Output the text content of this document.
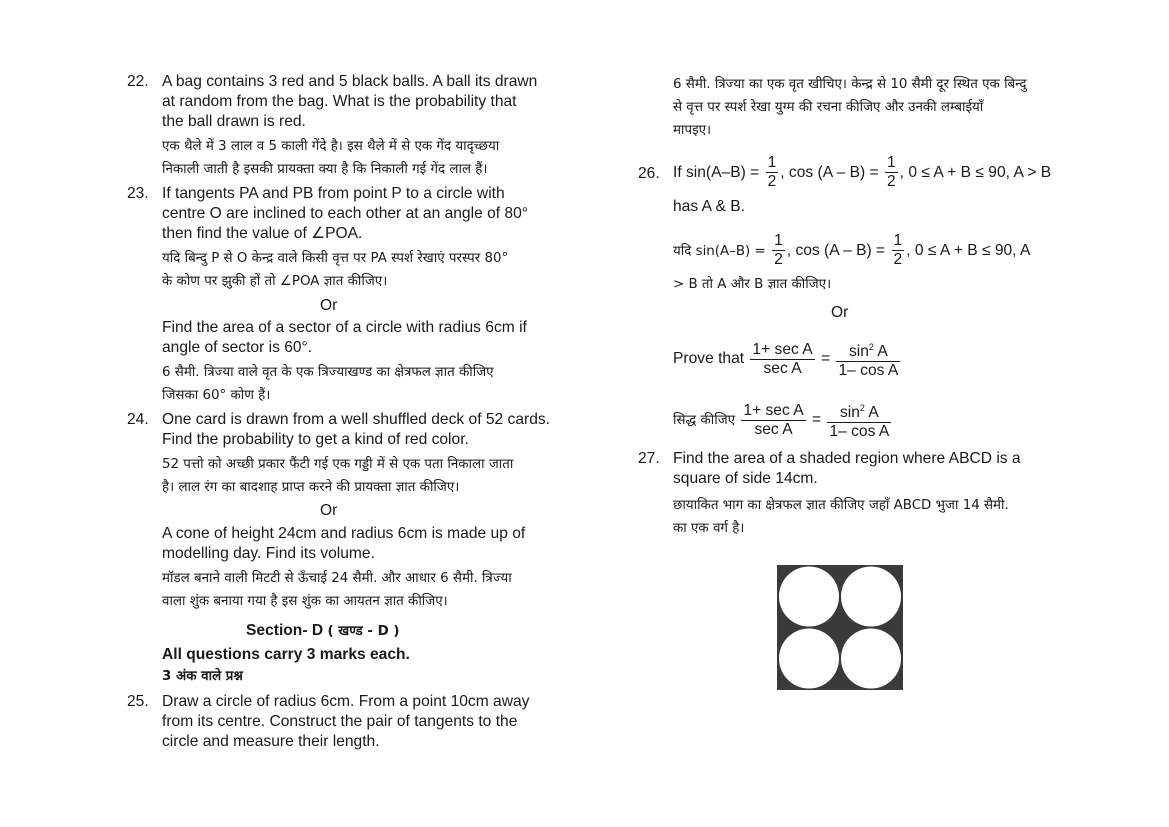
22. A bag contains 3 red and 5 black balls. A ball its drawn
at random from the bag. What is the probability that
the ball drawn is red.
एक थैले में 3 लाल व 5 काली गेंदे है। इस थैले में से एक गेंद यादृच्छया
निकाली जाती है इसकी प्रायक्ता क्या है कि निकाली गई गेंद लाल हैं।
23. If tangents PA and PB from point P to a circle with
centre O are inclined to each other at an angle of 80°
then find the value of ∠POA.
यदि बिन्दु P से O केन्द्र वाले किसी वृत्त पर PA स्पर्श रेखाएं परस्पर 80°
के कोण पर झुकी हों तो ∠POA ज्ञात कीजिए।
Or
Find the area of a sector of a circle with radius 6cm if
angle of sector is 60°.
6 सैमी. त्रिज्या वाले वृत के एक त्रिज्याखण्ड का क्षेत्रफल ज्ञात कीजिए
जिसका 60° कोण हैं।
24. One card is drawn from a well shuffled deck of 52 cards.
Find the probability to get a kind of red color.
52 पत्तो को अच्छी प्रकार फैंटी गई एक गड्डी में से एक पता निकाला जाता
है। लाल रंग का बादशाह प्राप्त करने की प्रायक्ता ज्ञात कीजिए।
Or
A cone of height 24cm and radius 6cm is made up of
modelling day. Find its volume.
मॉडल बनाने वाली मिटटी से ऊँचाई 24 सैमी. और आधार 6 सैमी. त्रिज्या
वाला शुंक बनाया गया है इस शुंक का आयतन ज्ञात कीजिए।
Section- D ( खण्ड - D )
All questions carry 3 marks each.
3 अंक वाले प्रश्न
25. Draw a circle of radius 6cm. From a point 10cm away
from its centre. Construct the pair of tangents to the
circle and measure their length.
6 सैमी. त्रिज्या का एक वृत खीचिए। केन्द्र से 10 सैमी दूर स्थित एक बिन्दु
से वृत्त पर स्पर्श रेखा युग्म की रचना कीजिए और उनकी लम्बाईयाँ
मापइए।
26. If $\sin(A-B) = \frac{1}{2}$ , $\cos (A - B) = \frac{1}{2}$ , 0 ≤ A + B ≤ 90, A > B
has A & B.
यदि $\sin(A-B) = \frac{1}{2}$ , $\cos (A - B) = \frac{1}{2}$ , 0 ≤ A + B ≤ 90, A
> B तो A और B ज्ञात कीजिए।
Or
Prove that $\frac{\text{1+ sec A}}{\text{sec A}} = \frac{\sin^2 A}{\text{1– cos A}}$
सिद्ध कीजिए $\frac{\text{1+ sec A}}{\text{sec A}} = \frac{\sin^2 A}{\text{1– cos A}}$
27. Find the area of a shaded region where ABCD is a
square of side 14cm.
छायाकित भाग का क्षेत्रफल ज्ञात कीजिए जहाँ ABCD भुजा 14 सैमी.
का एक वर्ग है।
